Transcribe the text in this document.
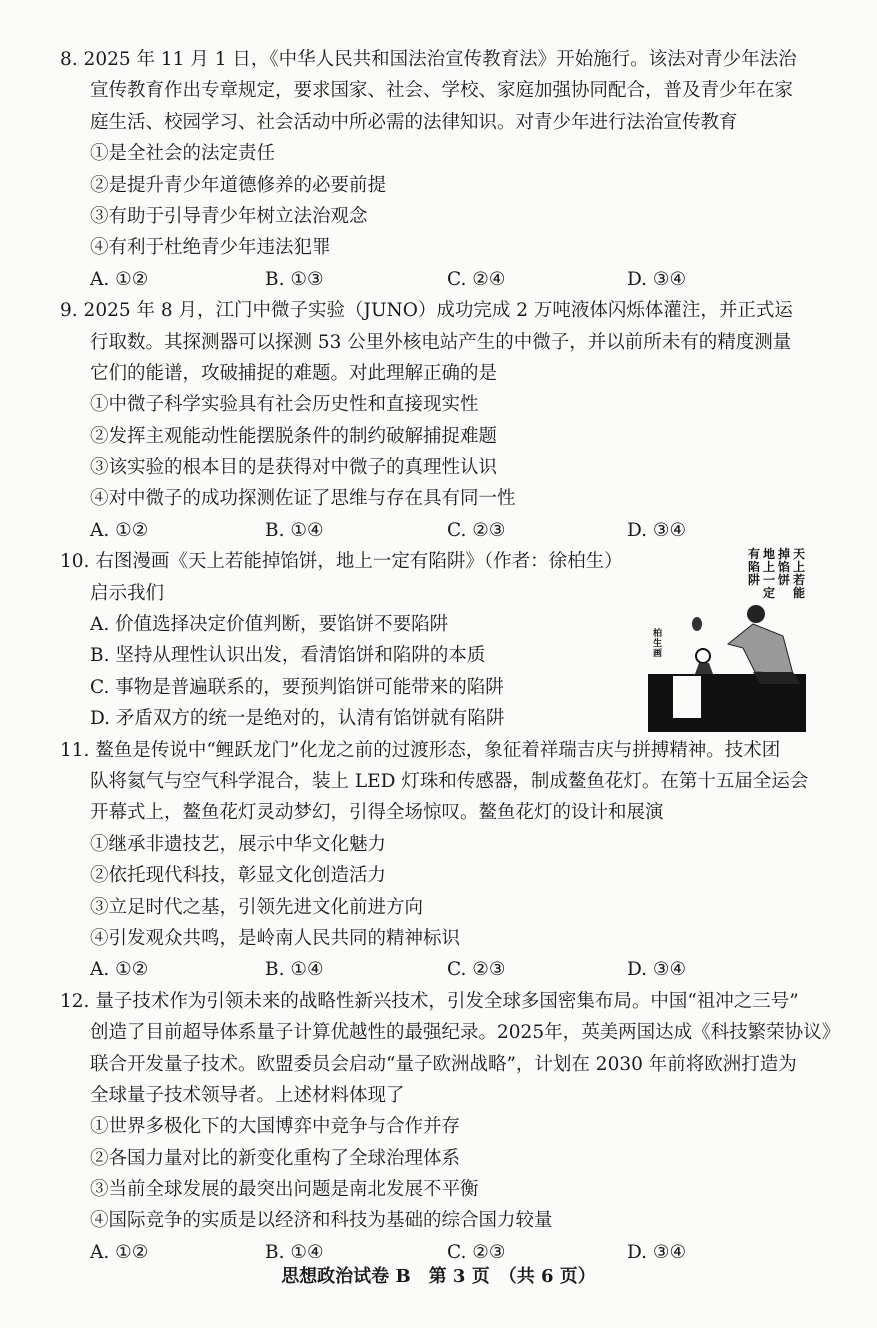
8. 2025 年 11 月 1 日，《中华人民共和国法治宣传教育法》开始施行。该法对青少年法治
宣传教育作出专章规定，要求国家、社会、学校、家庭加强协同配合，普及青少年在家
庭生活、校园学习、社会活动中所必需的法律知识。对青少年进行法治宣传教育
①是全社会的法定责任
②是提升青少年道德修养的必要前提
③有助于引导青少年树立法治观念
④有利于杜绝青少年违法犯罪
A. ①②	B. ①③	C. ②④	D. ③④
9. 2025 年 8 月，江门中微子实验（JUNO）成功完成 2 万吨液体闪烁体灌注，并正式运
行取数。其探测器可以探测 53 公里外核电站产生的中微子，并以前所未有的精度测量
它们的能谱，攻破捕捉的难题。对此理解正确的是
①中微子科学实验具有社会历史性和直接现实性
②发挥主观能动性能摆脱条件的制约破解捕捉难题
③该实验的根本目的是获得对中微子的真理性认识
④对中微子的成功探测佐证了思维与存在具有同一性
A. ①②	B. ①④	C. ②③	D. ③④
10. 右图漫画《天上若能掉馅饼，地上一定有陷阱》（作者：徐柏生）
启示我们
A. 价值选择决定价值判断，要馅饼不要陷阱
B. 坚持从理性认识出发，看清馅饼和陷阱的本质
C. 事物是普遍联系的，要预判馅饼可能带来的陷阱
D. 矛盾双方的统一是绝对的，认清有馅饼就有陷阱
11. 鳌鱼是传说中“鲤跃龙门”化龙之前的过渡形态，象征着祥瑞吉庆与拼搏精神。技术团
队将氦气与空气科学混合，装上 LED 灯珠和传感器，制成鳌鱼花灯。在第十五届全运会
开幕式上，鳌鱼花灯灵动梦幻，引得全场惊叹。鳌鱼花灯的设计和展演
①继承非遗技艺，展示中华文化魅力
②依托现代科技，彰显文化创造活力
③立足时代之基，引领先进文化前进方向
④引发观众共鸣，是岭南人民共同的精神标识
A. ①②	B. ①④	C. ②③	D. ③④
12. 量子技术作为引领未来的战略性新兴技术，引发全球多国密集布局。中国“祖冲之三号”
创造了目前超导体系量子计算优越性的最强纪录。2025年，英美两国达成《科技繁荣协议》
联合开发量子技术。欧盟委员会启动“量子欧洲战略”，计划在 2030 年前将欧洲打造为
全球量子技术领导者。上述材料体现了
①世界多极化下的大国博弈中竞争与合作并存
②各国力量对比的新变化重构了全球治理体系
③当前全球发展的最突出问题是南北发展不平衡
④国际竞争的实质是以经济和科技为基础的综合国力较量
A. ①②	B. ①④	C. ②③	D. ③④
天
上
若
能
掉
馅
饼
地
上
一
定
有
陷
阱
柏生画
思想政治试卷 B　第 3 页　（共 6 页）
